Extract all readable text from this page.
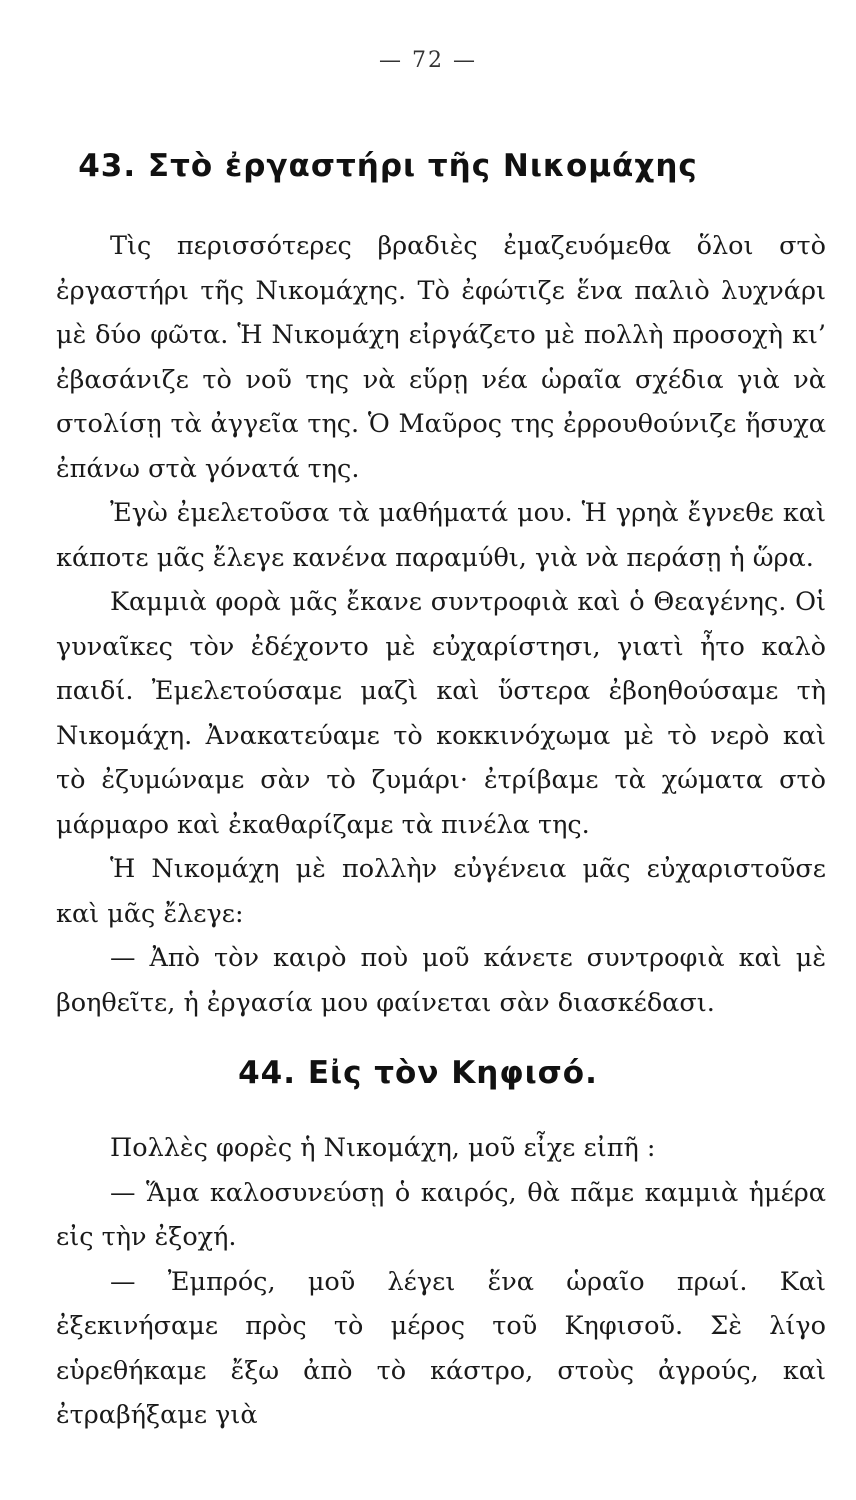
— 72 —
43. Στὸ ἐργαστήρι τῆς Νικομάχης

Τὶς περισσότερες βραδιὲς ἐμαζευόμεθα ὅλοι στὸ ἐργαστήρι τῆς Νικομάχης. Τὸ ἐφώτιζε ἕνα παλιὸ λυχνάρι μὲ δύο φῶτα. Ἡ Νικομάχη εἰργάζετο μὲ πολλὴ προσοχὴ κι’ ἐβασάνιζε τὸ νοῦ της νὰ εὕρῃ νέα ὡραῖα σχέδια γιὰ νὰ στολίσῃ τὰ ἀγγεῖα της. Ὁ Μαῦρος της ἐρρουθούνιζε ἥσυχα ἐπάνω στὰ γόνατά της.

Ἐγὼ ἐμελετοῦσα τὰ μαθήματά μου. Ἡ γρηὰ ἔγνεθε καὶ κάποτε μᾶς ἔλεγε κανένα παραμύθι, γιὰ νὰ περάσῃ ἡ ὥρα.

Καμμιὰ φορὰ μᾶς ἔκανε συντροφιὰ καὶ ὁ Θεαγένης. Οἱ γυναῖκες τὸν ἐδέχοντο μὲ εὐχαρίστησι, γιατὶ ἦτο καλὸ παιδί. Ἐμελετούσαμε μαζὶ καὶ ὕστερα ἐβοηθούσαμε τὴ Νικομάχη. Ἀνακατεύαμε τὸ κοκκινόχωμα μὲ τὸ νερὸ καὶ τὸ ἐζυμώναμε σὰν τὸ ζυμάρι· ἐτρίβαμε τὰ χώματα στὸ μάρμαρο καὶ ἐκαθαρίζαμε τὰ πινέλα της.

Ἡ Νικομάχη μὲ πολλὴν εὐγένεια μᾶς εὐχαριστοῦσε καὶ μᾶς ἔλεγε:

— Ἀπὸ τὸν καιρὸ ποὺ μοῦ κάνετε συντροφιὰ καὶ μὲ βοηθεῖτε, ἡ ἐργασία μου φαίνεται σὰν διασκέδασι.

44. Εἰς τὸν Κηφισό.

Πολλὲς φορὲς ἡ Νικομάχη, μοῦ εἶχε εἰπῆ :

— Ἅμα καλοσυνεύσῃ ὁ καιρός, θὰ πᾶμε καμμιὰ ἡμέρα εἰς τὴν ἐξοχή.

— Ἐμπρός, μοῦ λέγει ἕνα ὡραῖο πρωί. Καὶ ἐξεκινήσαμε πρὸς τὸ μέρος τοῦ Κηφισοῦ. Σὲ λίγο εὑρεθήκαμε ἔξω ἀπὸ τὸ κάστρο, στοὺς ἀγρούς, καὶ ἐτραβήξαμε γιὰ
